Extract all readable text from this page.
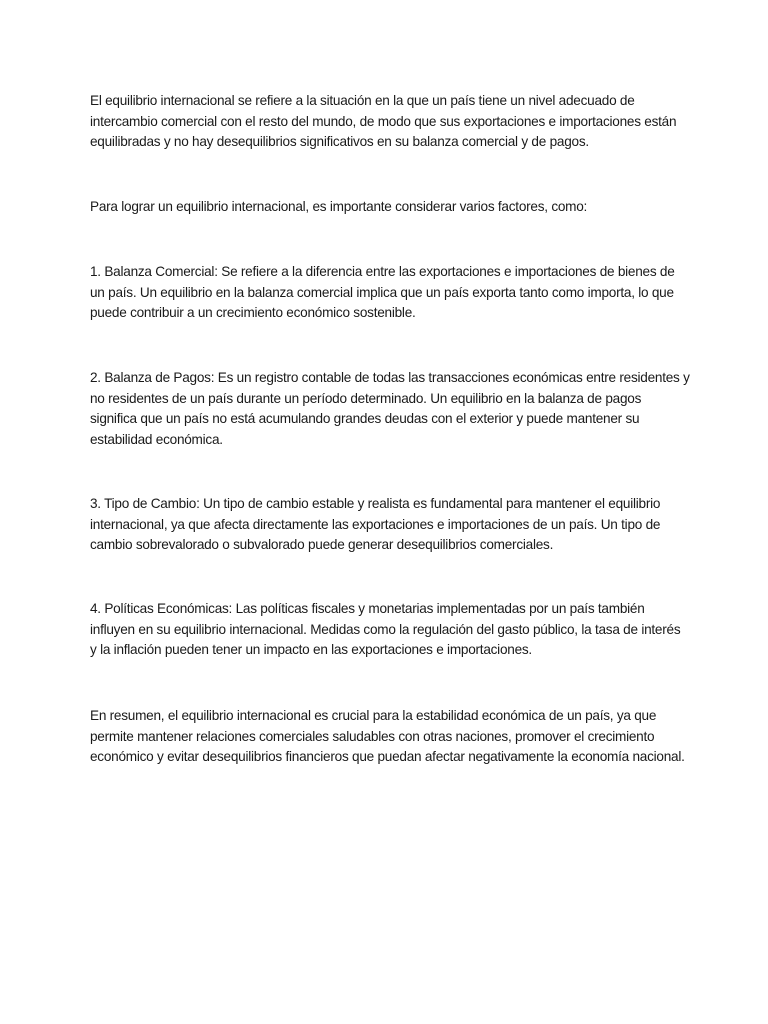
El equilibrio internacional se refiere a la situación en la que un país tiene un nivel adecuado de intercambio comercial con el resto del mundo, de modo que sus exportaciones e importaciones están equilibradas y no hay desequilibrios significativos en su balanza comercial y de pagos.

Para lograr un equilibrio internacional, es importante considerar varios factores, como:

1. Balanza Comercial: Se refiere a la diferencia entre las exportaciones e importaciones de bienes de un país. Un equilibrio en la balanza comercial implica que un país exporta tanto como importa, lo que puede contribuir a un crecimiento económico sostenible.

2. Balanza de Pagos: Es un registro contable de todas las transacciones económicas entre residentes y no residentes de un país durante un período determinado. Un equilibrio en la balanza de pagos significa que un país no está acumulando grandes deudas con el exterior y puede mantener su estabilidad económica.

3. Tipo de Cambio: Un tipo de cambio estable y realista es fundamental para mantener el equilibrio internacional, ya que afecta directamente las exportaciones e importaciones de un país. Un tipo de cambio sobrevalorado o subvalorado puede generar desequilibrios comerciales.

4. Políticas Económicas: Las políticas fiscales y monetarias implementadas por un país también influyen en su equilibrio internacional. Medidas como la regulación del gasto público, la tasa de interés y la inflación pueden tener un impacto en las exportaciones e importaciones.

En resumen, el equilibrio internacional es crucial para la estabilidad económica de un país, ya que permite mantener relaciones comerciales saludables con otras naciones, promover el crecimiento económico y evitar desequilibrios financieros que puedan afectar negativamente la economía nacional.
